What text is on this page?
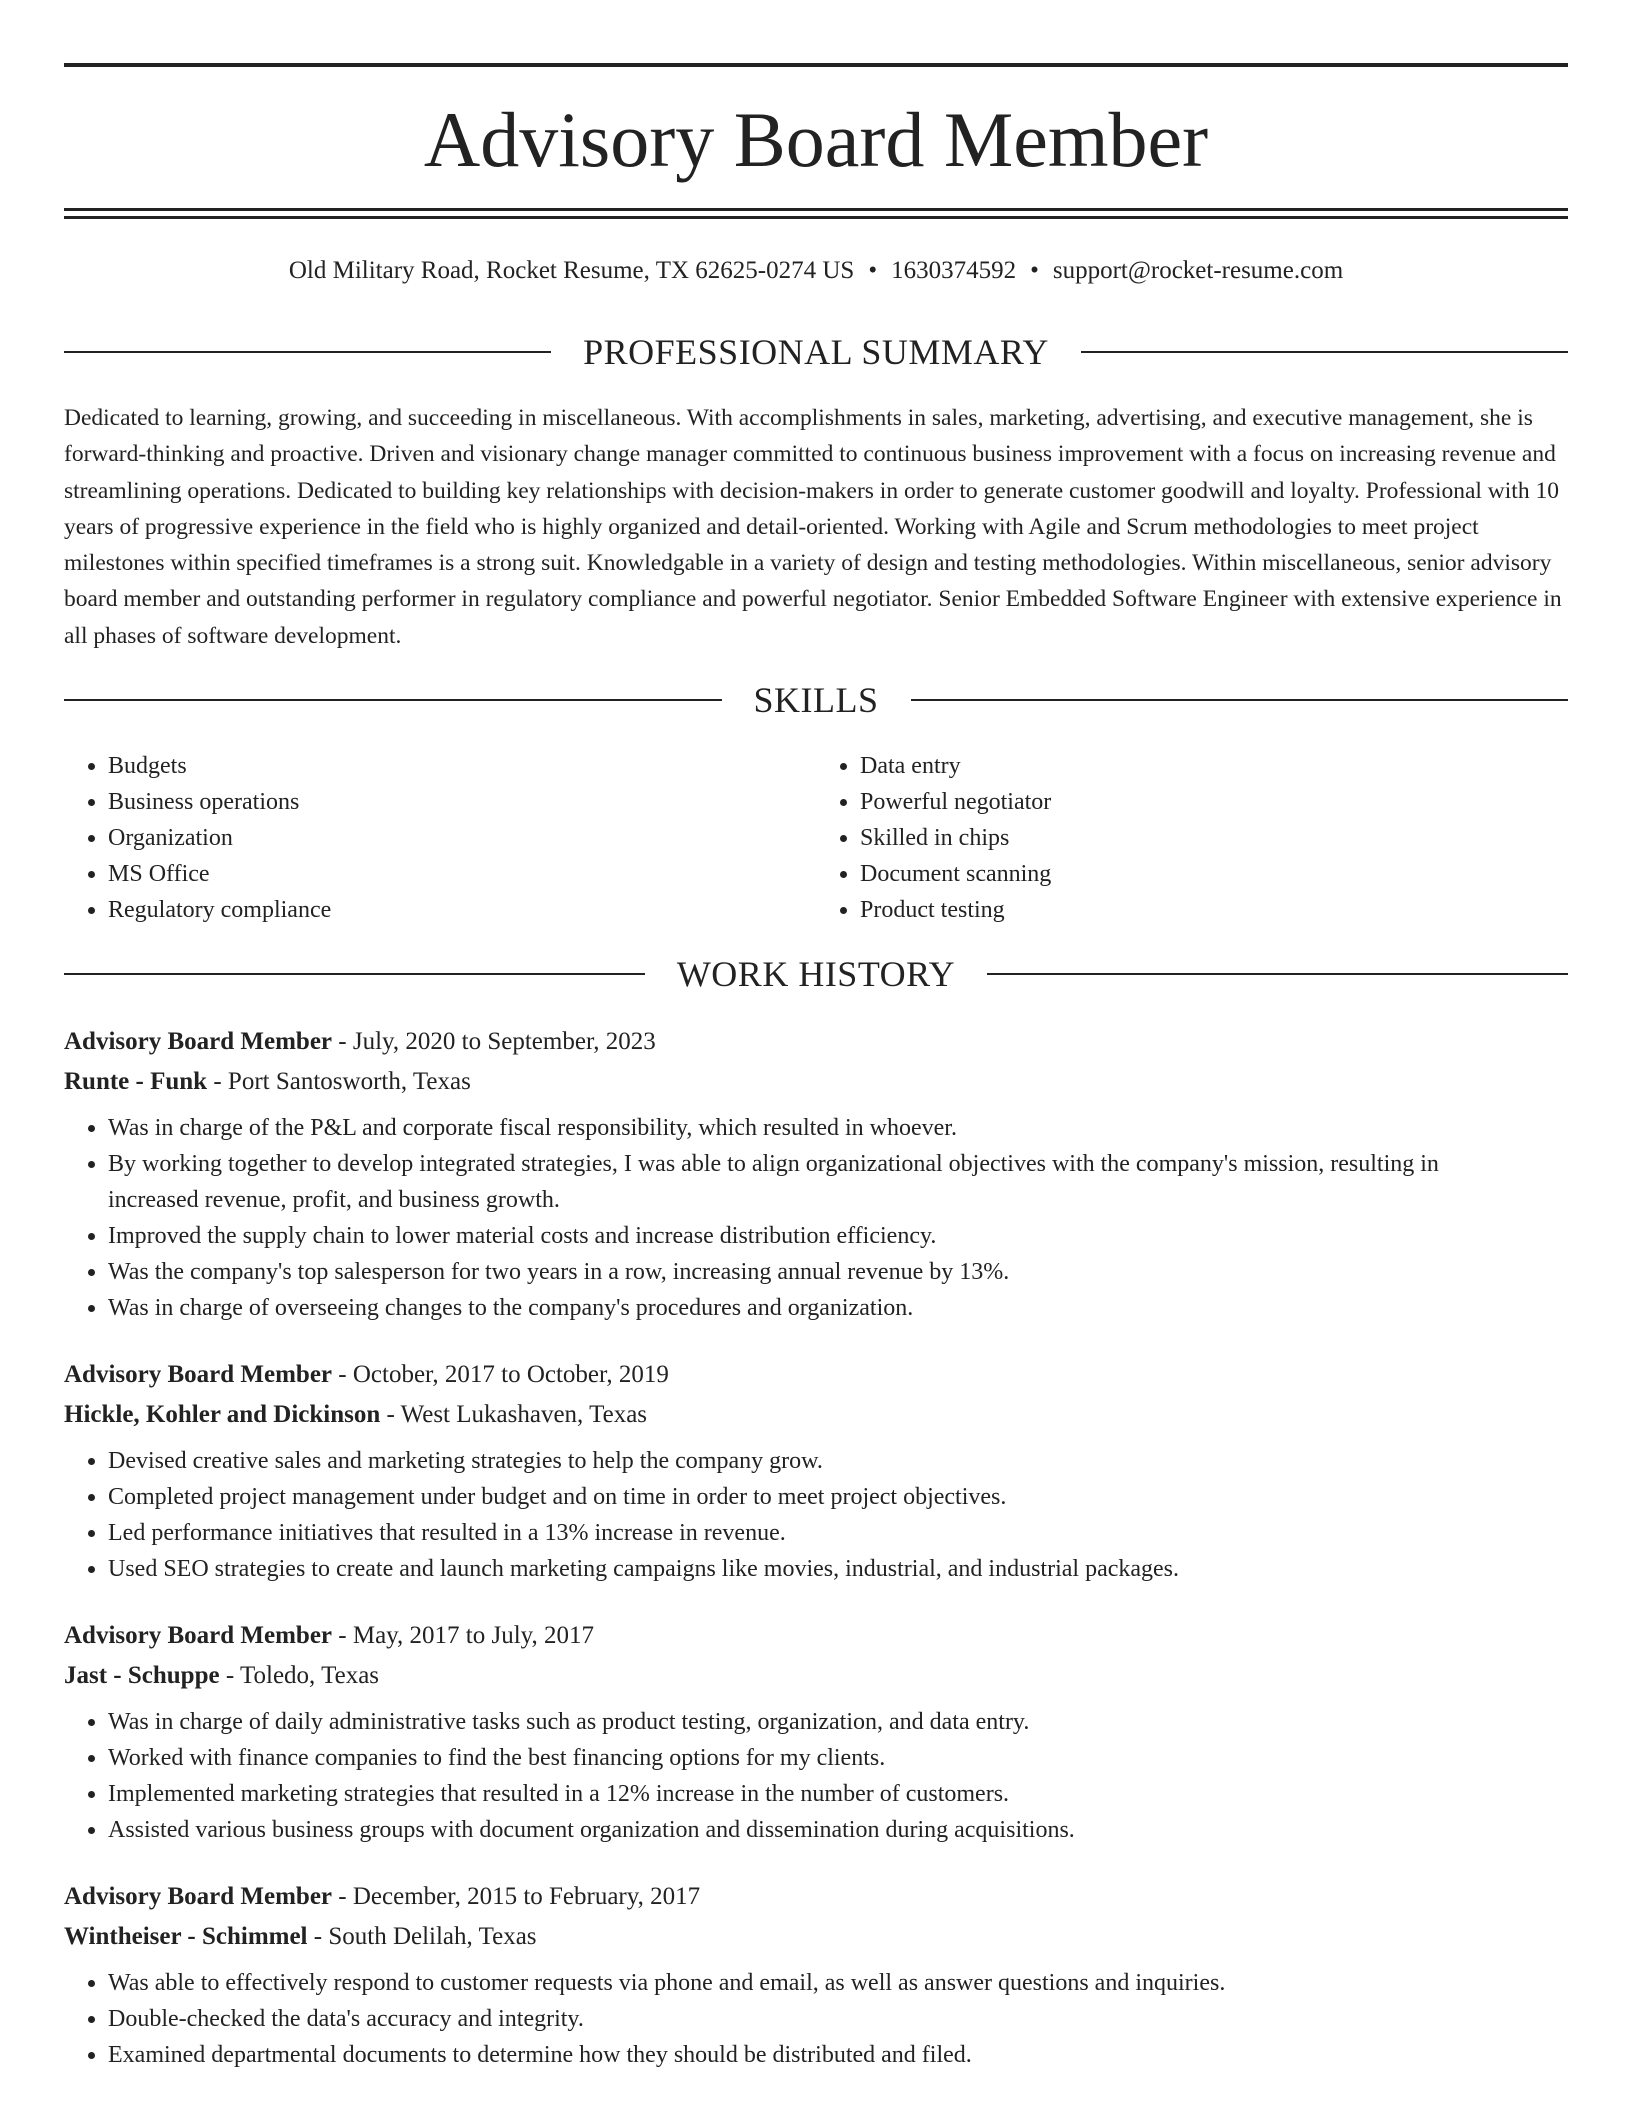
Advisory Board Member
Old Military Road, Rocket Resume, TX 62625-0274 US • 1630374592 • support@rocket-resume.com
PROFESSIONAL SUMMARY

Dedicated to learning, growing, and succeeding in miscellaneous. With accomplishments in sales, marketing, advertising, and executive management, she is forward-thinking and proactive. Driven and visionary change manager committed to continuous business improvement with a focus on increasing revenue and streamlining operations. Dedicated to building key relationships with decision-makers in order to generate customer goodwill and loyalty. Professional with 10 years of progressive experience in the field who is highly organized and detail-oriented. Working with Agile and Scrum methodologies to meet project milestones within specified timeframes is a strong suit. Knowledgable in a variety of design and testing methodologies. Within miscellaneous, senior advisory board member and outstanding performer in regulatory compliance and powerful negotiator. Senior Embedded Software Engineer with extensive experience in all phases of software development.

SKILLS
• Budgets
• Business operations
• Organization
• MS Office
• Regulatory compliance
• Data entry
• Powerful negotiator
• Skilled in chips
• Document scanning
• Product testing
WORK HISTORY
Advisory Board Member - July, 2020 to September, 2023
Runte - Funk - Port Santosworth, Texas
• Was in charge of the P&L and corporate fiscal responsibility, which resulted in whoever.
• By working together to develop integrated strategies, I was able to align organizational objectives with the company's mission, resulting in increased revenue, profit, and business growth.
• Improved the supply chain to lower material costs and increase distribution efficiency.
• Was the company's top salesperson for two years in a row, increasing annual revenue by 13%.
• Was in charge of overseeing changes to the company's procedures and organization.
Advisory Board Member - October, 2017 to October, 2019
Hickle, Kohler and Dickinson - West Lukashaven, Texas
• Devised creative sales and marketing strategies to help the company grow.
• Completed project management under budget and on time in order to meet project objectives.
• Led performance initiatives that resulted in a 13% increase in revenue.
• Used SEO strategies to create and launch marketing campaigns like movies, industrial, and industrial packages.
Advisory Board Member - May, 2017 to July, 2017
Jast - Schuppe - Toledo, Texas
• Was in charge of daily administrative tasks such as product testing, organization, and data entry.
• Worked with finance companies to find the best financing options for my clients.
• Implemented marketing strategies that resulted in a 12% increase in the number of customers.
• Assisted various business groups with document organization and dissemination during acquisitions.
Advisory Board Member - December, 2015 to February, 2017
Wintheiser - Schimmel - South Delilah, Texas
• Was able to effectively respond to customer requests via phone and email, as well as answer questions and inquiries.
• Double-checked the data's accuracy and integrity.
• Examined departmental documents to determine how they should be distributed and filed.
